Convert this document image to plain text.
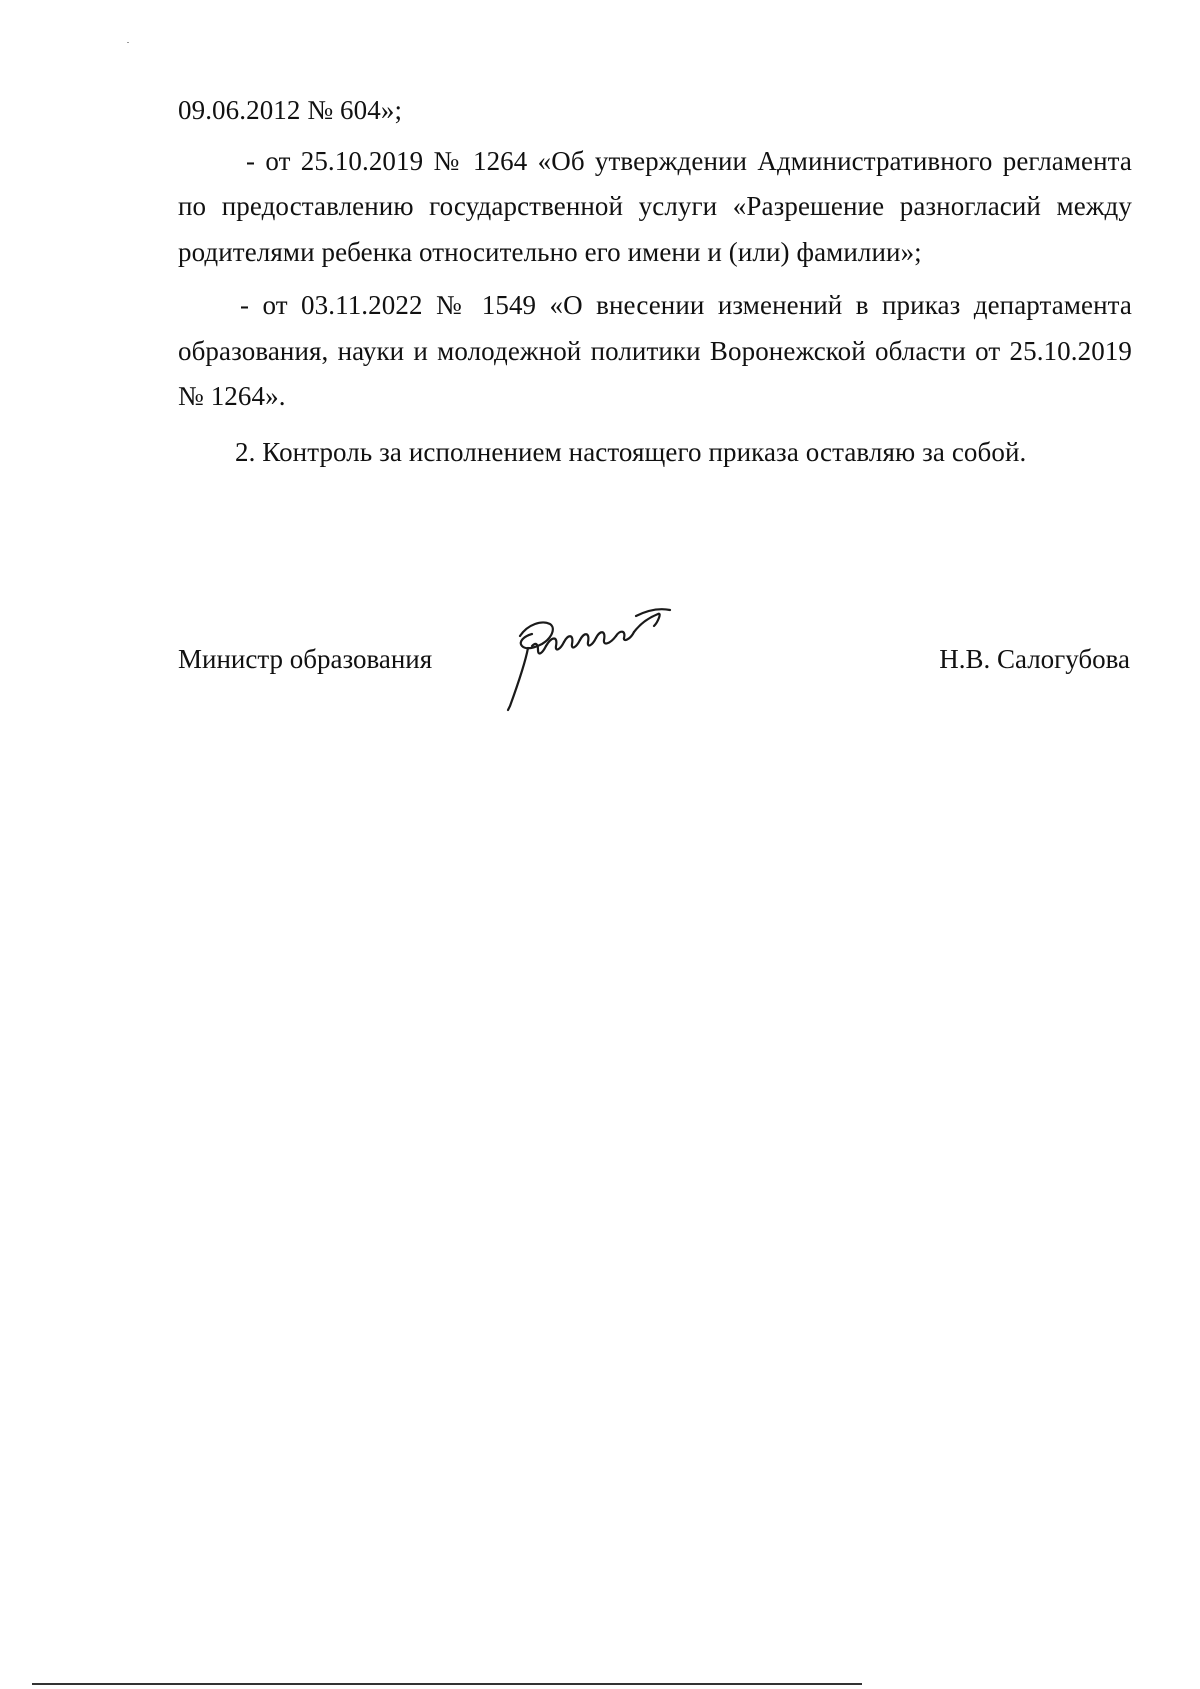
09.06.2012 № 604»;

- от 25.10.2019 № 1264 «Об утверждении Административного регламента по предоставлению государственной услуги «Разрешение разногласий между родителями ребенка относительно его имени и (или) фамилии»;

- от 03.11.2022 № 1549 «О внесении изменений в приказ департамента образования, науки и молодежной политики Воронежской области от 25.10.2019 № 1264».

2. Контроль за исполнением настоящего приказа оставляю за собой.

Министр образования	Н.В. Салогубова
